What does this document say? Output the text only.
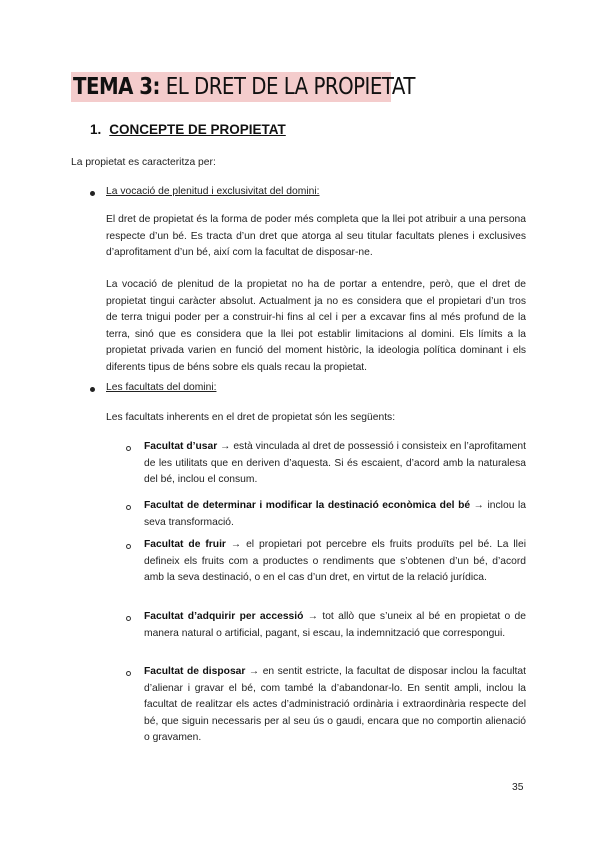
TEMA 3: EL DRET DE LA PROPIETAT
1. CONCEPTE DE PROPIETAT
La propietat es caracteritza per:
La vocació de plenitud i exclusivitat del domini:
El dret de propietat és la forma de poder més completa que la llei pot atribuir a una persona respecte d’un bé. Es tracta d’un dret que atorga al seu titular facultats plenes i exclusives d’aprofitament d’un bé, així com la facultat de disposar-ne.
La vocació de plenitud de la propietat no ha de portar a entendre, però, que el dret de propietat tingui caràcter absolut. Actualment ja no es considera que el propietari d’un tros de terra tnigui poder per a construir-hi fins al cel i per a excavar fins al més profund de la terra, sinó que es considera que la llei pot establir limitacions al domini. Els límits a la propietat privada varien en funció del moment històric, la ideologia política dominant i els diferents tipus de béns sobre els quals recau la propietat.
Les facultats del domini:
Les facultats inherents en el dret de propietat són les següents:
Facultat d’usar → està vinculada al dret de possessió i consisteix en l’aprofitament de les utilitats que en deriven d’aquesta. Si és escaient, d’acord amb la naturalesa del bé, inclou el consum.
Facultat de determinar i modificar la destinació econòmica del bé → inclou la seva transformació.
Facultat de fruir → el propietari pot percebre els fruits produïts pel bé. La llei defineix els fruits com a productes o rendiments que s’obtenen d’un bé, d’acord amb la seva destinació, o en el cas d’un dret, en virtut de la relació jurídica.
Facultat d’adquirir per accessió → tot allò que s’uneix al bé en propietat o de manera natural o artificial, pagant, si escau, la indemnització que correspongui.
Facultat de disposar → en sentit estricte, la facultat de disposar inclou la facultat d’alienar i gravar el bé, com també la d’abandonar-lo. En sentit ampli, inclou la facultat de realitzar els actes d’administració ordinària i extraordinària respecte del bé, que siguin necessaris per al seu ús o gaudi, encara que no comportin alienació o gravamen.
35
